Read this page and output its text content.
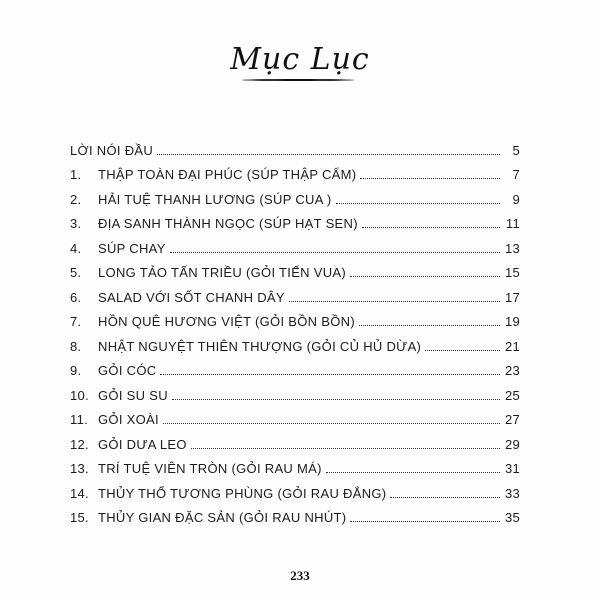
Mục Lục
LỜI NÓI ĐẦU	5
1.	THẬP TOÀN ĐẠI PHÚC (SÚP THẬP CẨM)	7
2.	HẢI TUỆ THANH LƯƠNG (SÚP CUA )	9
3.	ĐỊA SANH THÀNH NGỌC (SÚP HẠT SEN)	11
4.	SÚP CHAY	13
5.	LONG TẢO TẤN TRIỀU (GỎI TIẾN VUA)	15
6.	SALAD VỚI SỐT CHANH DÂY	17
7.	HỒN QUÊ HƯƠNG VIỆT (GỎI BỒN BỒN)	19
8.	NHẬT NGUYỆT THIÊN THƯỢNG (GỎI CỦ HỦ DỪA)	21
9.	GỎI CÓC	23
10. GỎI SU SU	25
11. GỎI XOÀI	27
12. GỎI DƯA LEO	29
13. TRÍ TUỆ VIÊN TRÒN (GỎI RAU MÁ)	31
14. THỦY THỔ TƯƠNG PHÙNG (GỎI RAU ĐẮNG)	33
15. THỦY GIAN ĐẶC SẢN (GỎI RAU NHÚT)	35
233
